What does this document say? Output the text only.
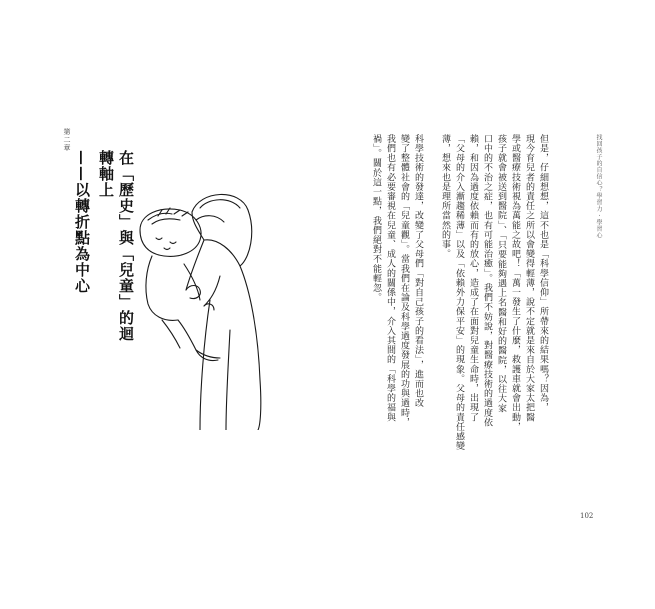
第二章
在「歷史」與「兒童」的迴轉軸上
——以轉折點為中心	找回孩子的自信心？學習力 · 學習心
但是，仔細想想，這不也是「科學信仰」所帶來的結果嗎？因為，
現今育兒者的責任之所以會變得輕薄，說不定就是來自於大家太把醫
學或醫療技術視為萬能之故吧！「萬一發生了什麼，救護車就會出動，
孩子就會被送到醫院」、「只要能夠遇上名醫和好的醫院，以往大家
口中的不治之症，也有可能治癒」。我們不妨說，對醫療技術的過度依
賴，和因為過度依賴而有的放心，造成了在面對兒童生命時，出現了
「父母的介入漸趨稀薄」以及「依賴外力保平安」的現象。父母的責任感變
薄，想來也是理所當然的事。
科學技術的發達，改變了父母們「對自己孩子的看法」，進而也改
變了整體社會的「兒童觀」。當我們在論及科學過度發展的功與過時，
我們也有必要審視在兒童、成人的關係中，介入其間的「科學的福與
禍」。關於這一點，我們絕對不能輕忽。
102
